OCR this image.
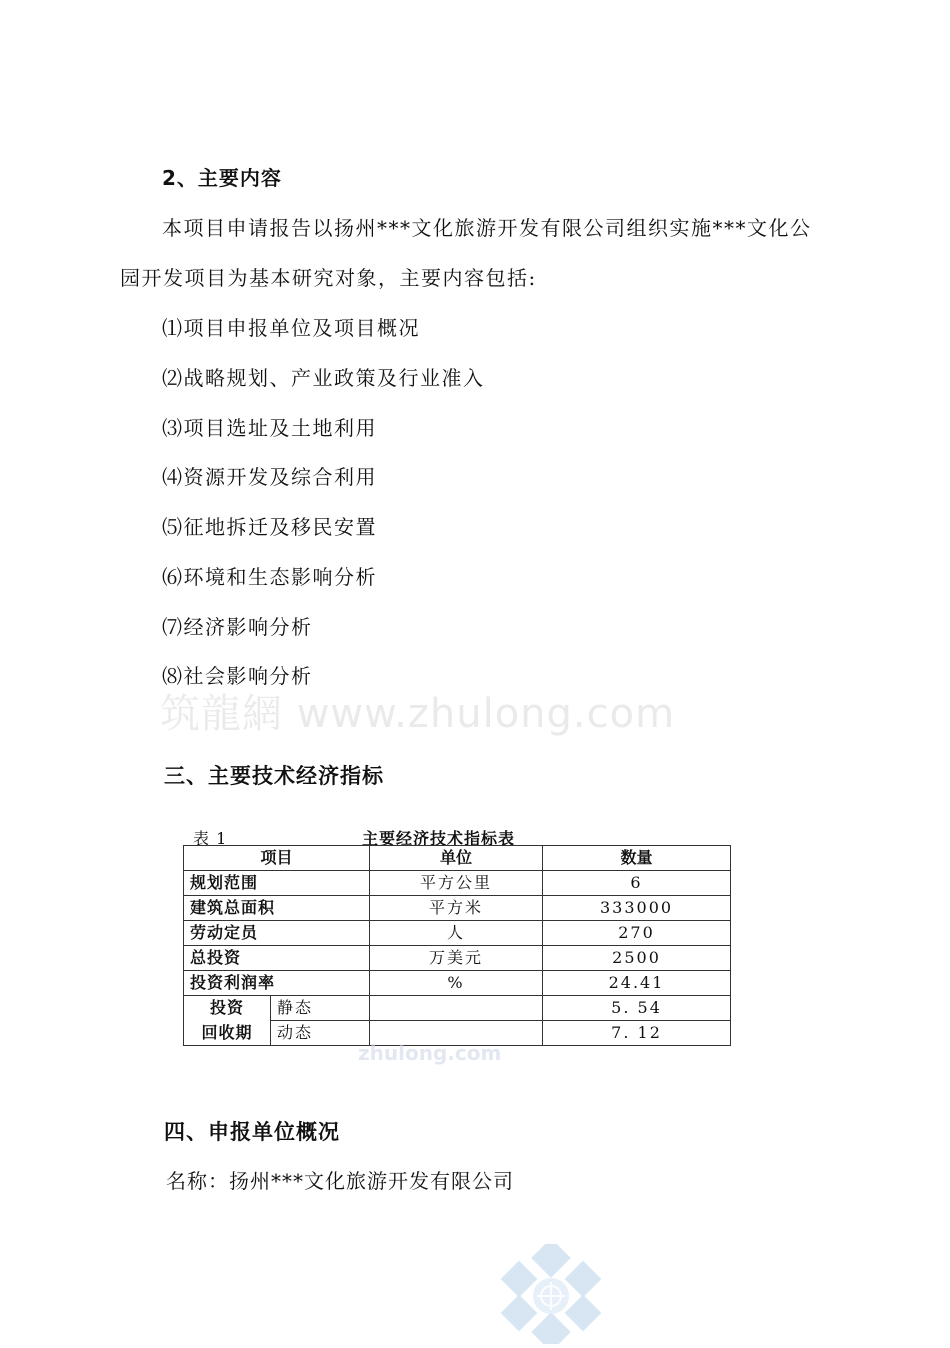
2、主要内容
本项目申请报告以扬州***文化旅游开发有限公司组织实施***文化公
园开发项目为基本研究对象，主要内容包括:
⑴项目申报单位及项目概况
⑵战略规划、产业政策及行业准入
⑶项目选址及土地利用
⑷资源开发及综合利用
⑸征地拆迁及移民安置
⑹环境和生态影响分析
⑺经济影响分析
⑻社会影响分析
筑龍網 www.zhulong.com
三、主要技术经济指标
表 1	主要经济技术指标表
项目		单位	数量
规划范围		平方公里	6
建筑总面积		平方米	333000
劳动定员		人	270
总投资		万美元	2500
投资利润率		%	24.41
投资	静态		5. 54
回收期	动态		7. 12
zhulong.com
四、申报单位概况
名称：扬州***文化旅游开发有限公司
